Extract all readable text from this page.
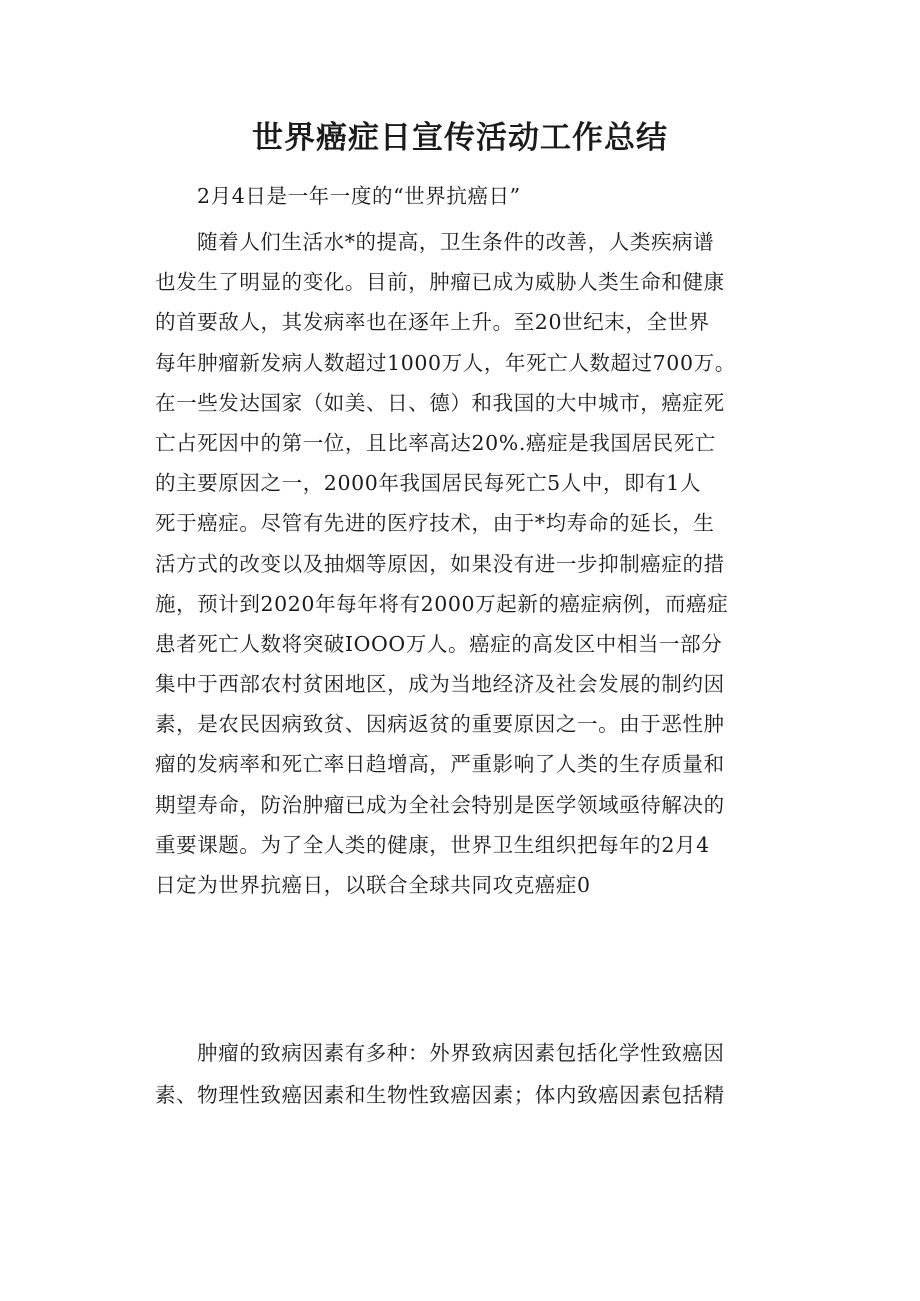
世界癌症日宣传活动工作总结
2月4日是一年一度的“世界抗癌日”
随着人们生活水*的提高，卫生条件的改善，人类疾病谱
也发生了明显的变化。目前，肿瘤已成为威胁人类生命和健康
的首要敌人，其发病率也在逐年上升。至20世纪末，全世界
每年肿瘤新发病人数超过1000万人，年死亡人数超过700万。
在一些发达国家（如美、日、德）和我国的大中城市，癌症死
亡占死因中的第一位，且比率高达20%.癌症是我国居民死亡
的主要原因之一，2000年我国居民每死亡5人中，即有1人
死于癌症。尽管有先进的医疗技术，由于*均寿命的延长，生
活方式的改变以及抽烟等原因，如果没有进一步抑制癌症的措
施，预计到2020年每年将有2000万起新的癌症病例，而癌症
患者死亡人数将突破IOOO万人。癌症的高发区中相当一部分
集中于西部农村贫困地区，成为当地经济及社会发展的制约因
素，是农民因病致贫、因病返贫的重要原因之一。由于恶性肿
瘤的发病率和死亡率日趋增高，严重影响了人类的生存质量和
期望寿命，防治肿瘤已成为全社会特别是医学领域亟待解决的
重要课题。为了全人类的健康，世界卫生组织把每年的2月4
日定为世界抗癌日，以联合全球共同攻克癌症0
肿瘤的致病因素有多种：外界致病因素包括化学性致癌因
素、物理性致癌因素和生物性致癌因素；体内致癌因素包括精
